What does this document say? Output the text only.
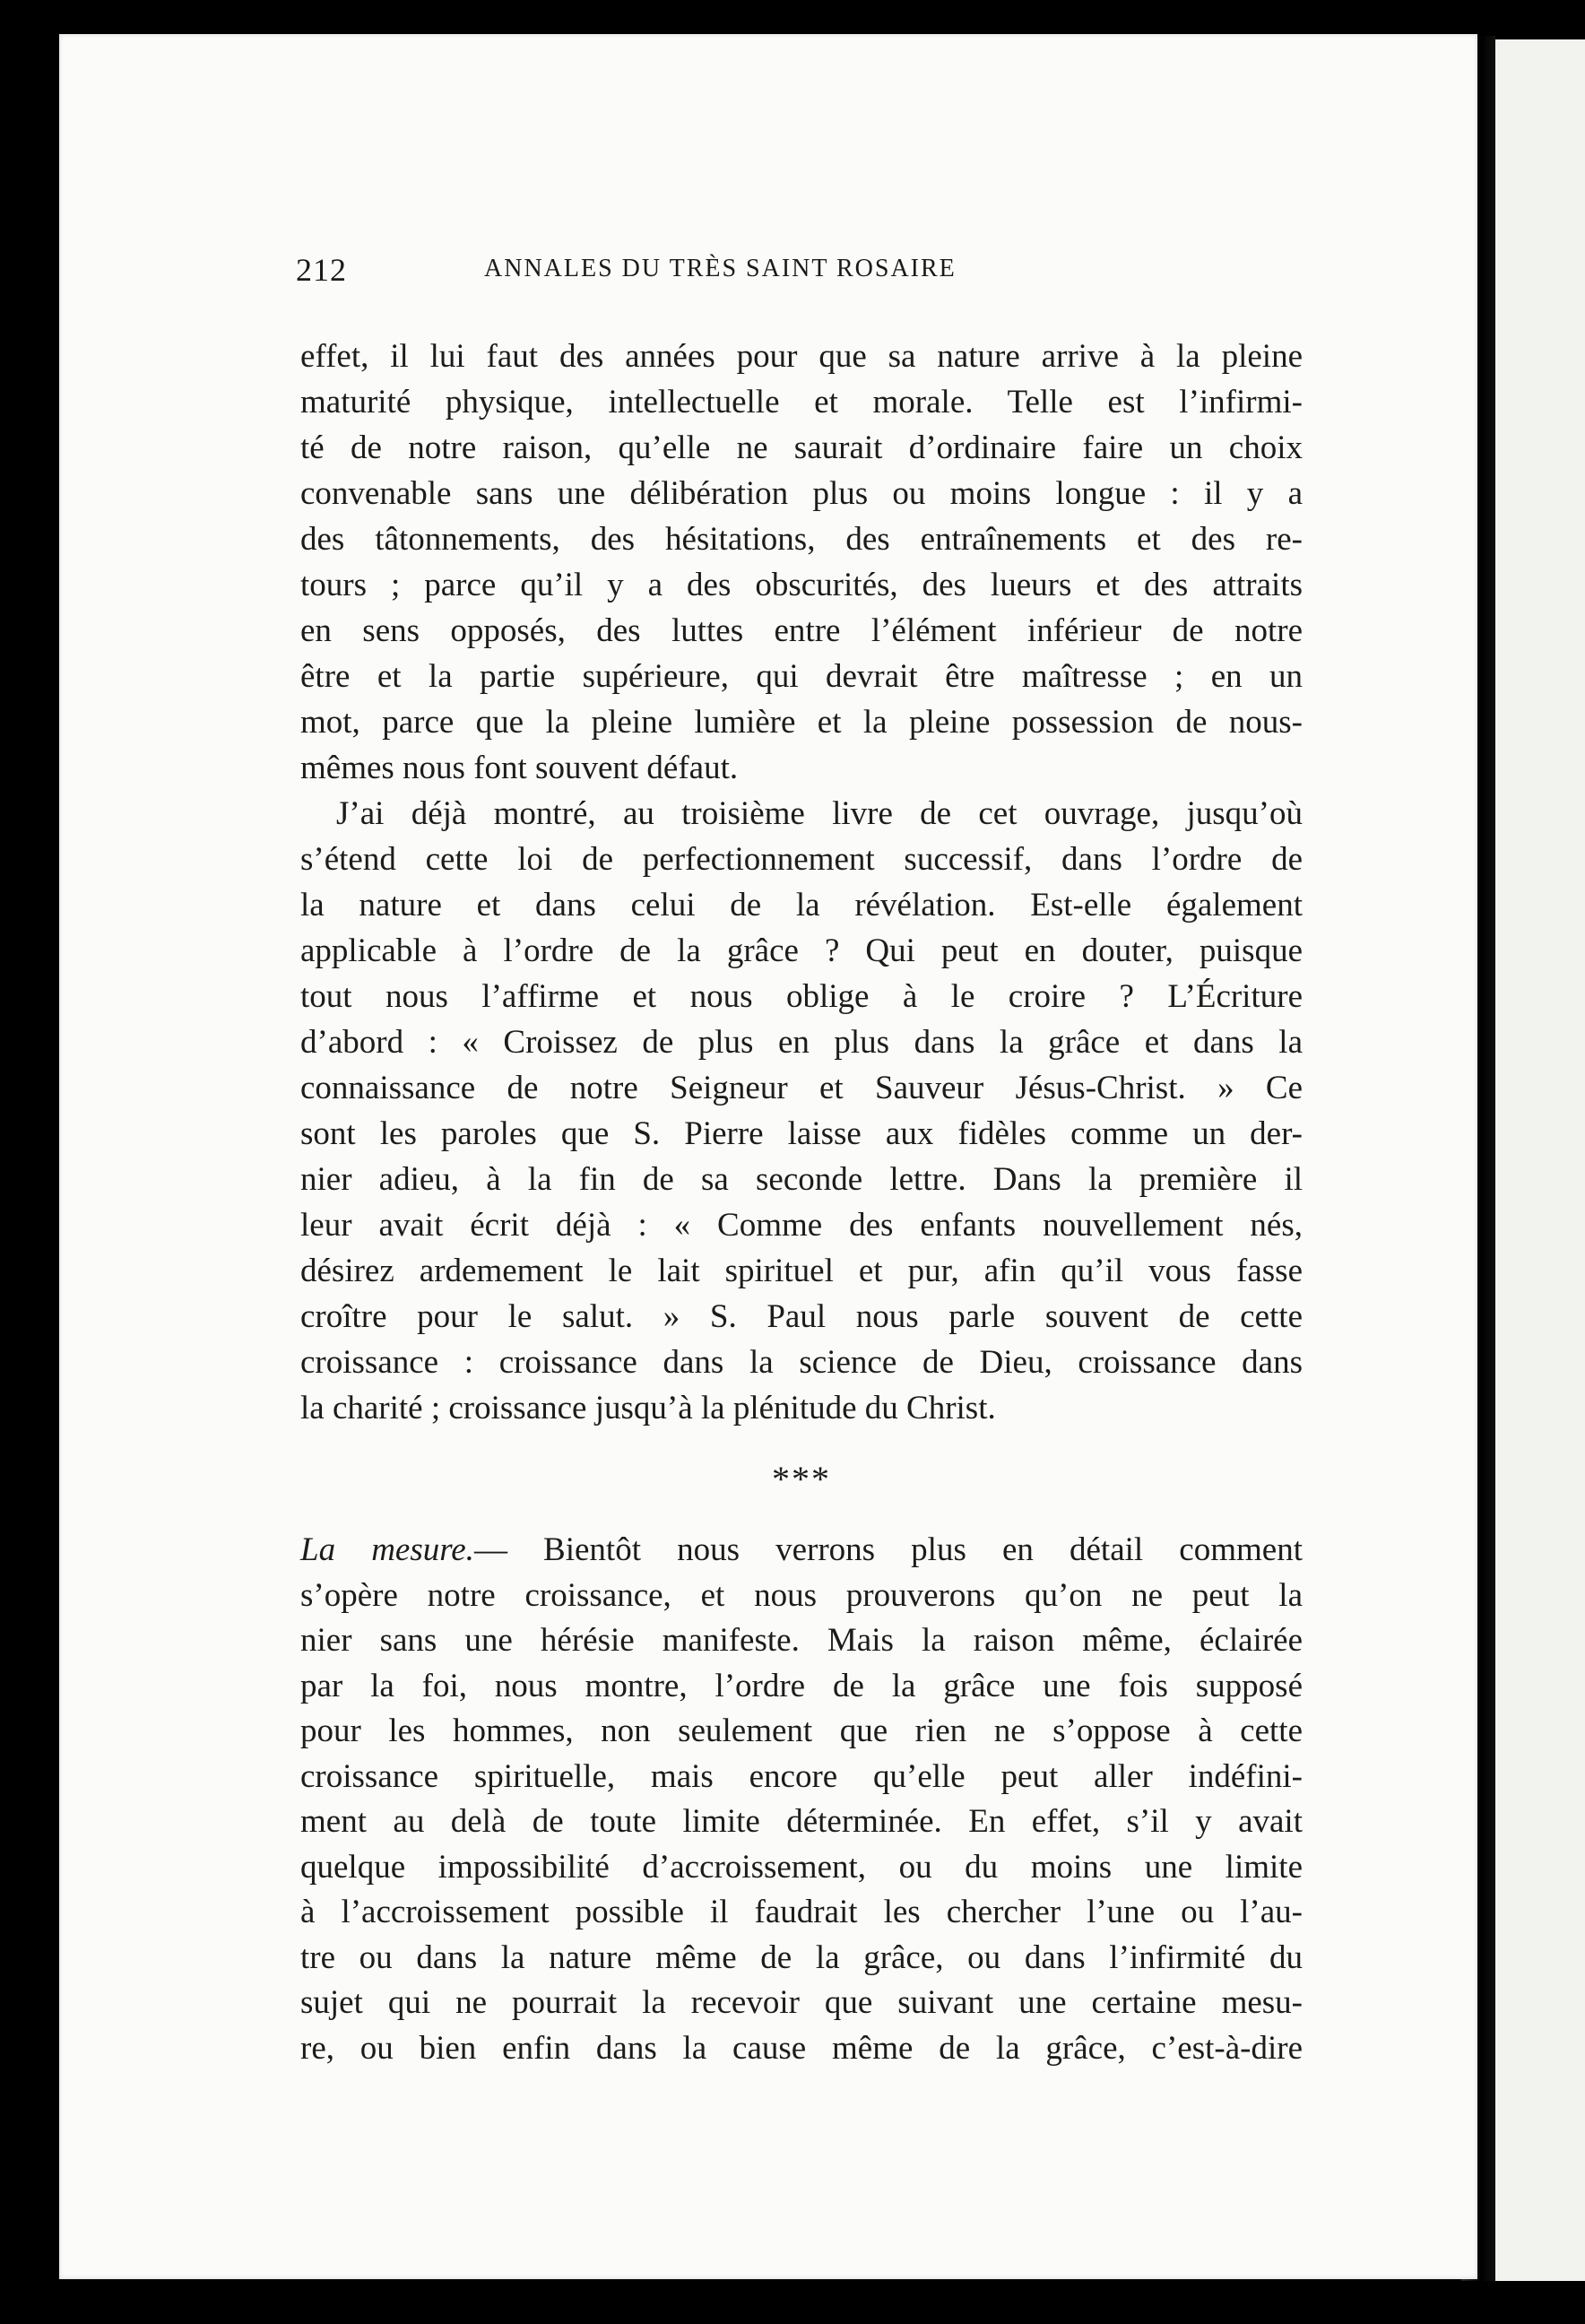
212	ANNALES DU TRÈS SAINT ROSAIRE
effet, il lui faut des années pour que sa nature arrive à la pleine
maturité physique, intellectuelle et morale. Telle est l’infirmi-
té de notre raison, qu’elle ne saurait d’ordinaire faire un choix
convenable sans une délibération plus ou moins longue : il y a
des tâtonnements, des hésitations, des entraînements et des re-
tours ; parce qu’il y a des obscurités, des lueurs et des attraits
en sens opposés, des luttes entre l’élément inférieur de notre
être et la partie supérieure, qui devrait être maîtresse ; en un
mot, parce que la pleine lumière et la pleine possession de nous-
mêmes nous font souvent défaut.
J’ai déjà montré, au troisième livre de cet ouvrage, jusqu’où
s’étend cette loi de perfectionnement successif, dans l’ordre de
la nature et dans celui de la révélation. Est-elle également
applicable à l’ordre de la grâce ? Qui peut en douter, puisque
tout nous l’affirme et nous oblige à le croire ? L’Écriture
d’abord : « Croissez de plus en plus dans la grâce et dans la
connaissance de notre Seigneur et Sauveur Jésus-Christ. » Ce
sont les paroles que S. Pierre laisse aux fidèles comme un der-
nier adieu, à la fin de sa seconde lettre. Dans la première il
leur avait écrit déjà : « Comme des enfants nouvellement nés,
désirez ardemement le lait spirituel et pur, afin qu’il vous fasse
croître pour le salut. » S. Paul nous parle souvent de cette
croissance : croissance dans la science de Dieu, croissance dans
la charité ; croissance jusqu’à la plénitude du Christ.
***
La mesure.— Bientôt nous verrons plus en détail comment
s’opère notre croissance, et nous prouverons qu’on ne peut la
nier sans une hérésie manifeste. Mais la raison même, éclairée
par la foi, nous montre, l’ordre de la grâce une fois supposé
pour les hommes, non seulement que rien ne s’oppose à cette
croissance spirituelle, mais encore qu’elle peut aller indéfini-
ment au delà de toute limite déterminée. En effet, s’il y avait
quelque impossibilité d’accroissement, ou du moins une limite
à l’accroissement possible il faudrait les chercher l’une ou l’au-
tre ou dans la nature même de la grâce, ou dans l’infirmité du
sujet qui ne pourrait la recevoir que suivant une certaine mesu-
re, ou bien enfin dans la cause même de la grâce, c’est-à-dire
